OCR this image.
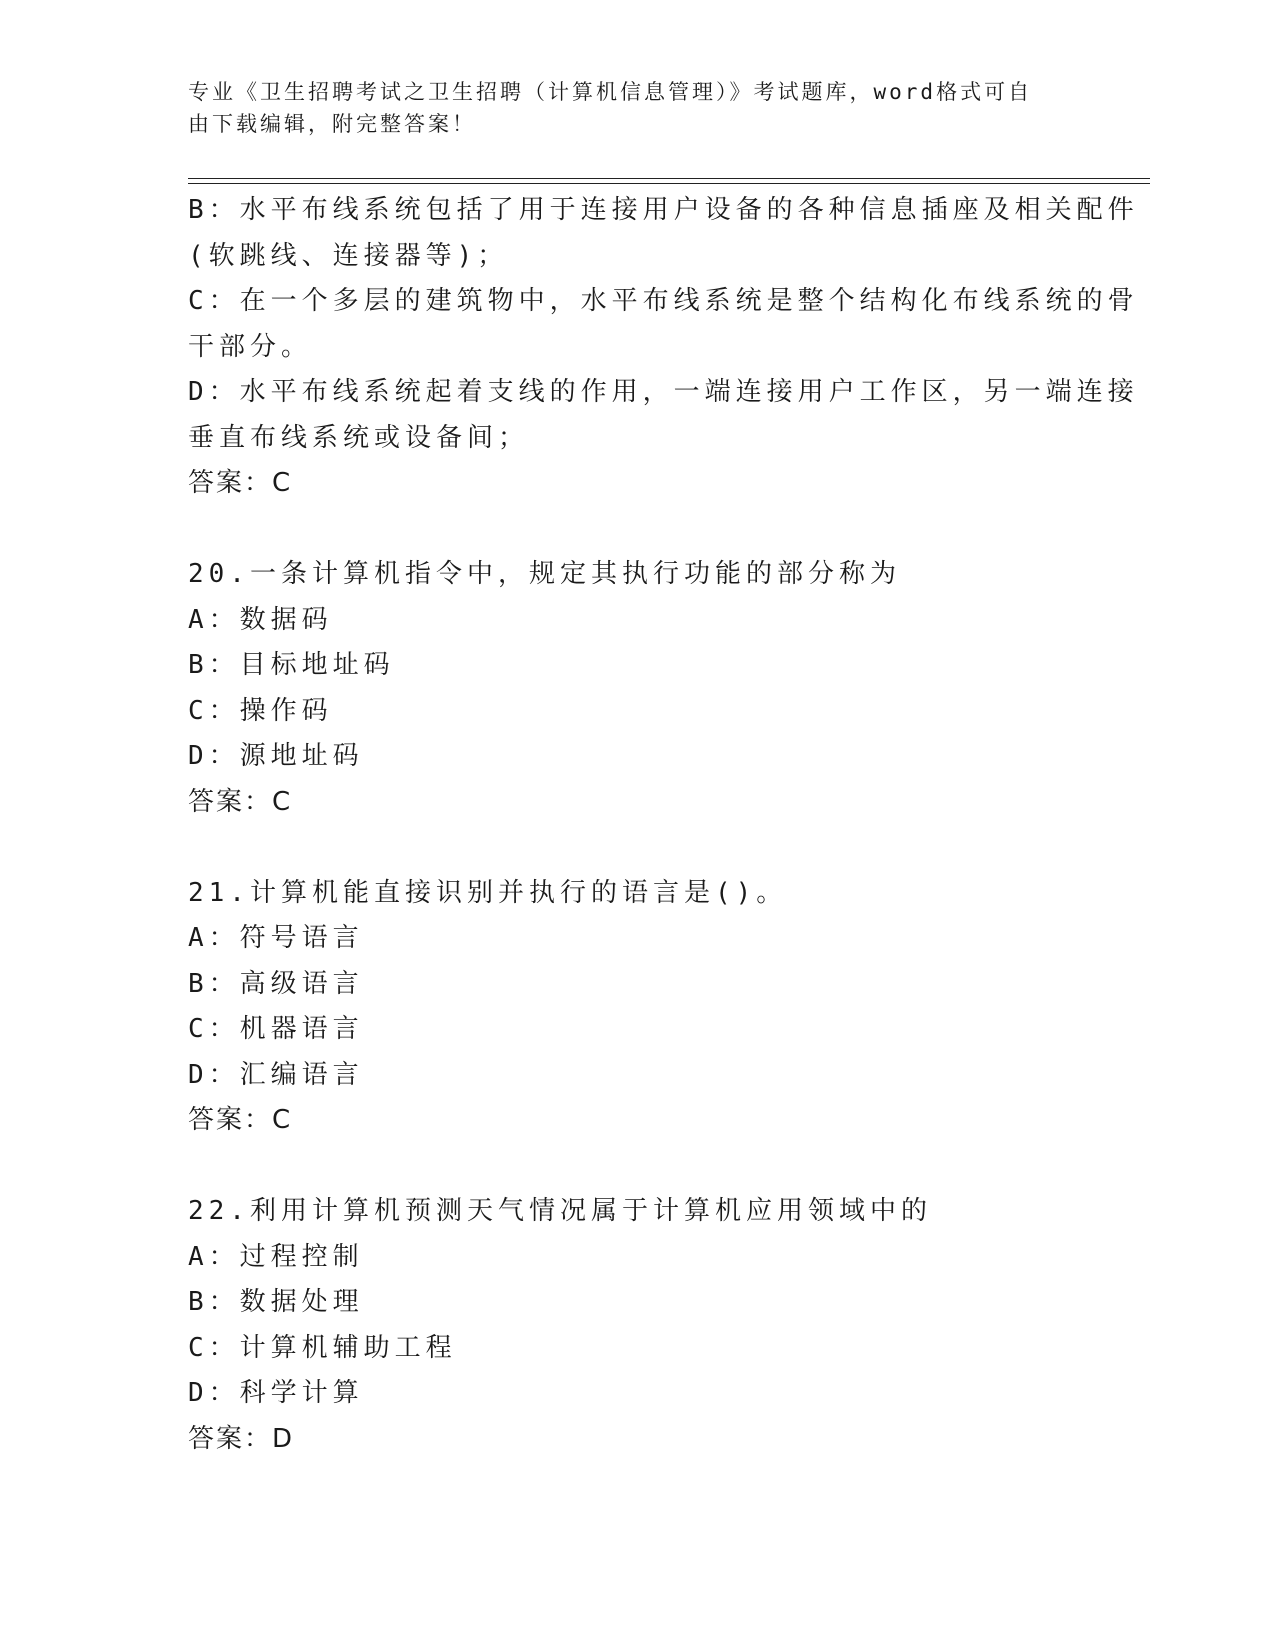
专业《卫生招聘考试之卫生招聘（计算机信息管理）》考试题库，word格式可自
由下载编辑，附完整答案！
B：水平布线系统包括了用于连接用户设备的各种信息插座及相关配件
(软跳线、连接器等)；
C：在一个多层的建筑物中，水平布线系统是整个结构化布线系统的骨
干部分。
D：水平布线系统起着支线的作用，一端连接用户工作区，另一端连接
垂直布线系统或设备间；
答案：C
20.一条计算机指令中，规定其执行功能的部分称为
A：数据码
B：目标地址码
C：操作码
D：源地址码
答案：C
21.计算机能直接识别并执行的语言是()。
A：符号语言
B：高级语言
C：机器语言
D：汇编语言
答案：C
22.利用计算机预测天气情况属于计算机应用领域中的
A：过程控制
B：数据处理
C：计算机辅助工程
D：科学计算
答案：D
